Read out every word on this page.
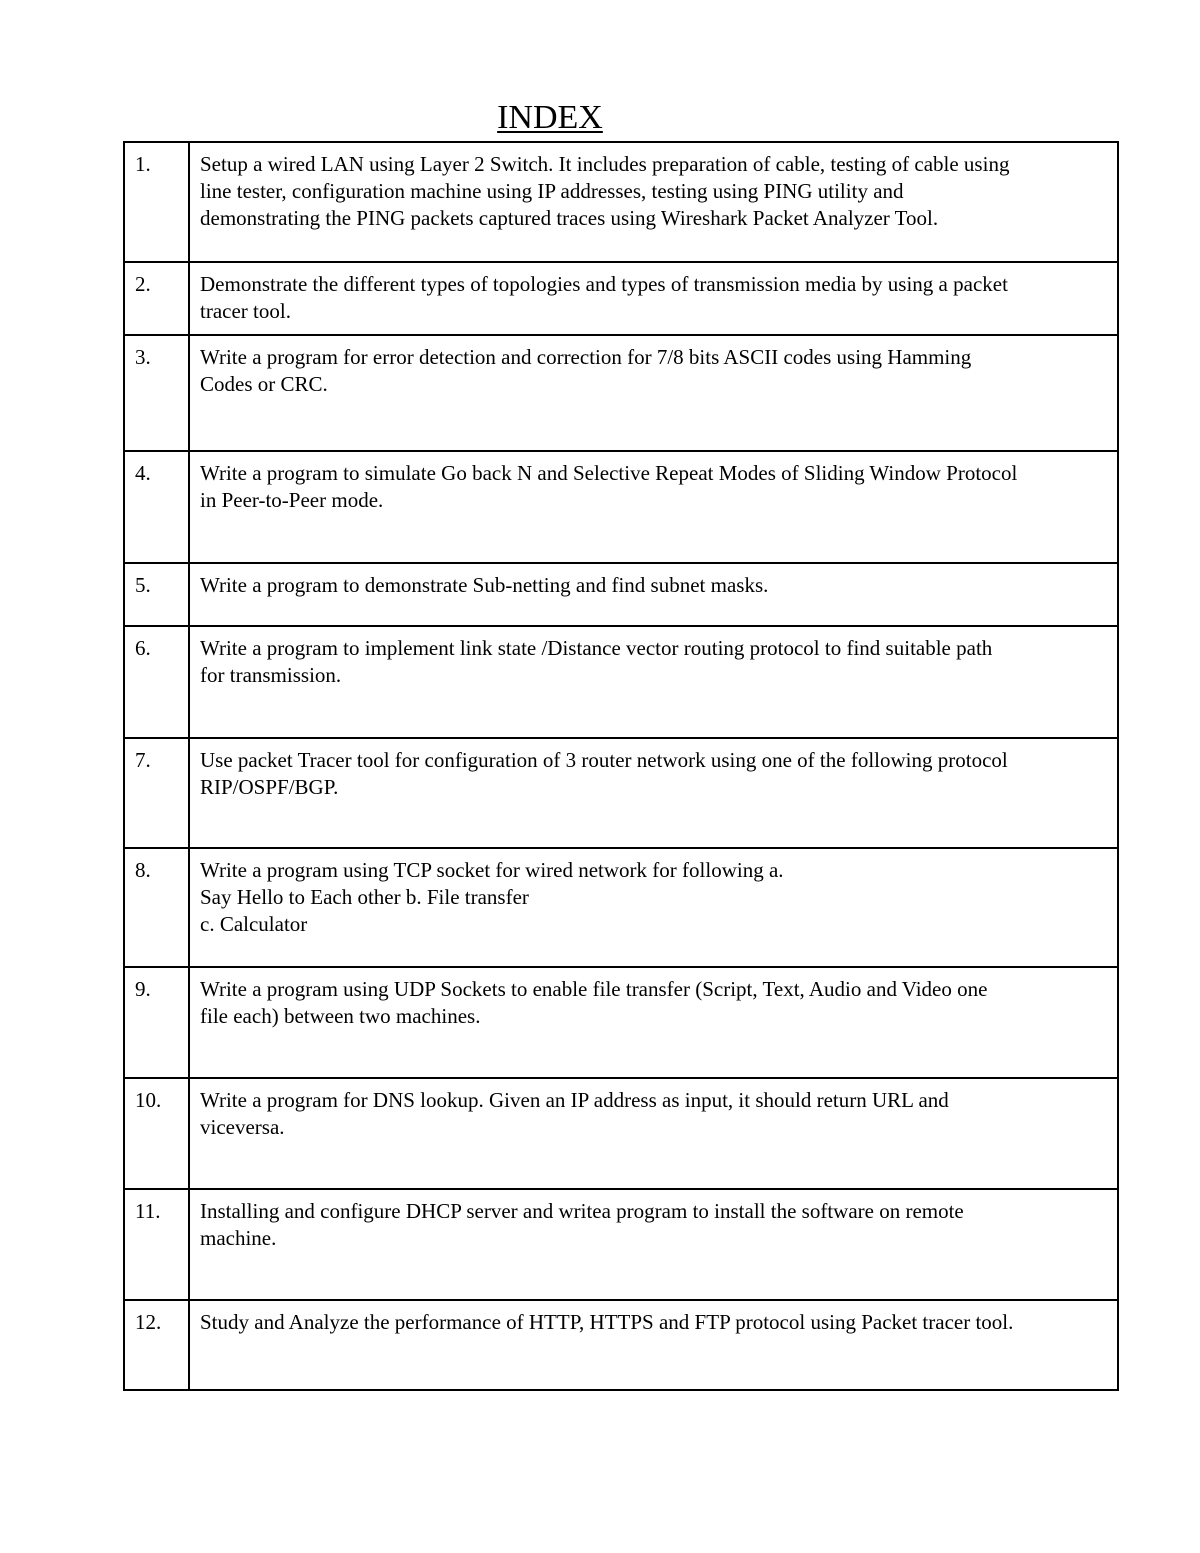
INDEX
1.	Setup a wired LAN using Layer 2 Switch. It includes preparation of cable, testing of cable using
line tester, configuration machine using IP addresses, testing using PING utility and
demonstrating the PING packets captured traces using Wireshark Packet Analyzer Tool.

2.	Demonstrate the different types of topologies and types of transmission media by using a packet
tracer tool.

3.	Write a program for error detection and correction for 7/8 bits ASCII codes using Hamming
Codes or CRC.

4.	Write a program to simulate Go back N and Selective Repeat Modes of Sliding Window Protocol
in Peer-to-Peer mode.

5.	Write a program to demonstrate Sub-netting and find subnet masks.

6.	Write a program to implement link state /Distance vector routing protocol to find suitable path
for transmission.

7.	Use packet Tracer tool for configuration of 3 router network using one of the following protocol
RIP/OSPF/BGP.

8.	Write a program using TCP socket for wired network for following a.
Say Hello to Each other b. File transfer
c. Calculator

9.	Write a program using UDP Sockets to enable file transfer (Script, Text, Audio and Video one
file each) between two machines.

10.	Write a program for DNS lookup. Given an IP address as input, it should return URL and
viceversa.

11.	Installing and configure DHCP server and writea program to install the software on remote
machine.

12.	Study and Analyze the performance of HTTP, HTTPS and FTP protocol using Packet tracer tool.
